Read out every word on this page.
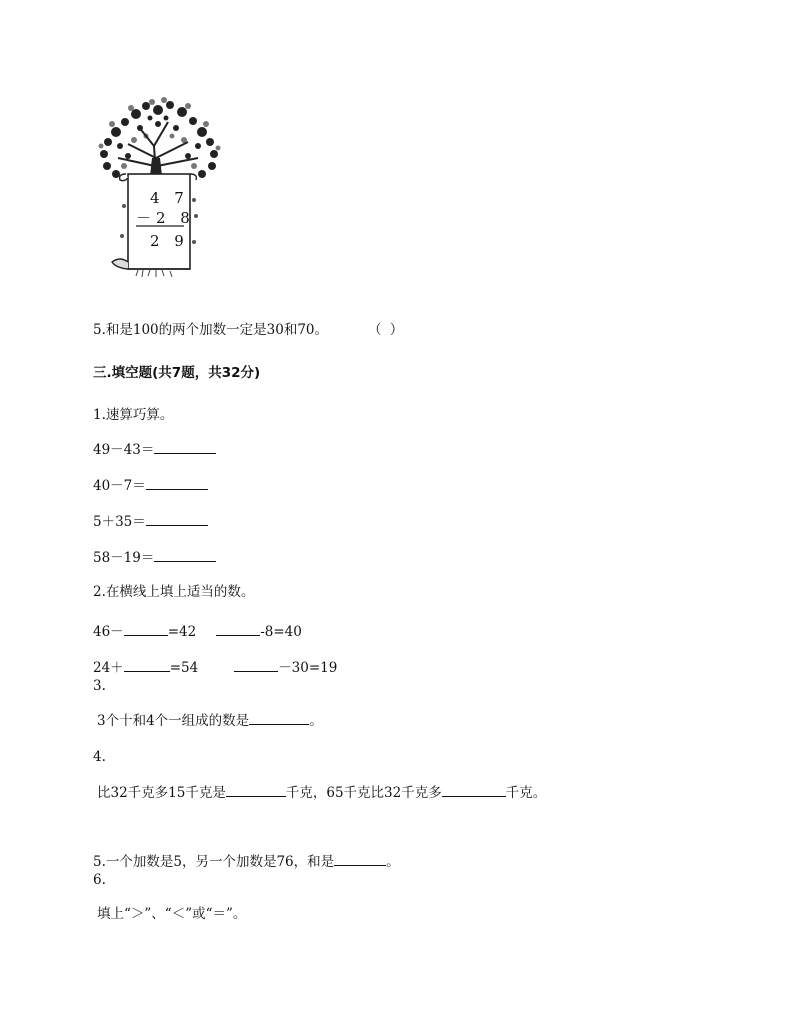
4 7
－2 8
2 9
5.和是100的两个加数一定是30和70。	（ ）
三.填空题(共7题，共32分)
1.速算巧算。
49－43＝
40－7＝
5＋35＝
58－19＝
2.在横线上填上适当的数。
46－	=42	-8=40
24＋	=54	－30=19
3.
3个十和4个一组成的数是	。
4.
比32千克多15千克是	千克，65千克比32千克多	千克。
5.一个加数是5，另一个加数是76，和是	。
6.
填上“＞”、“＜”或“＝”。
